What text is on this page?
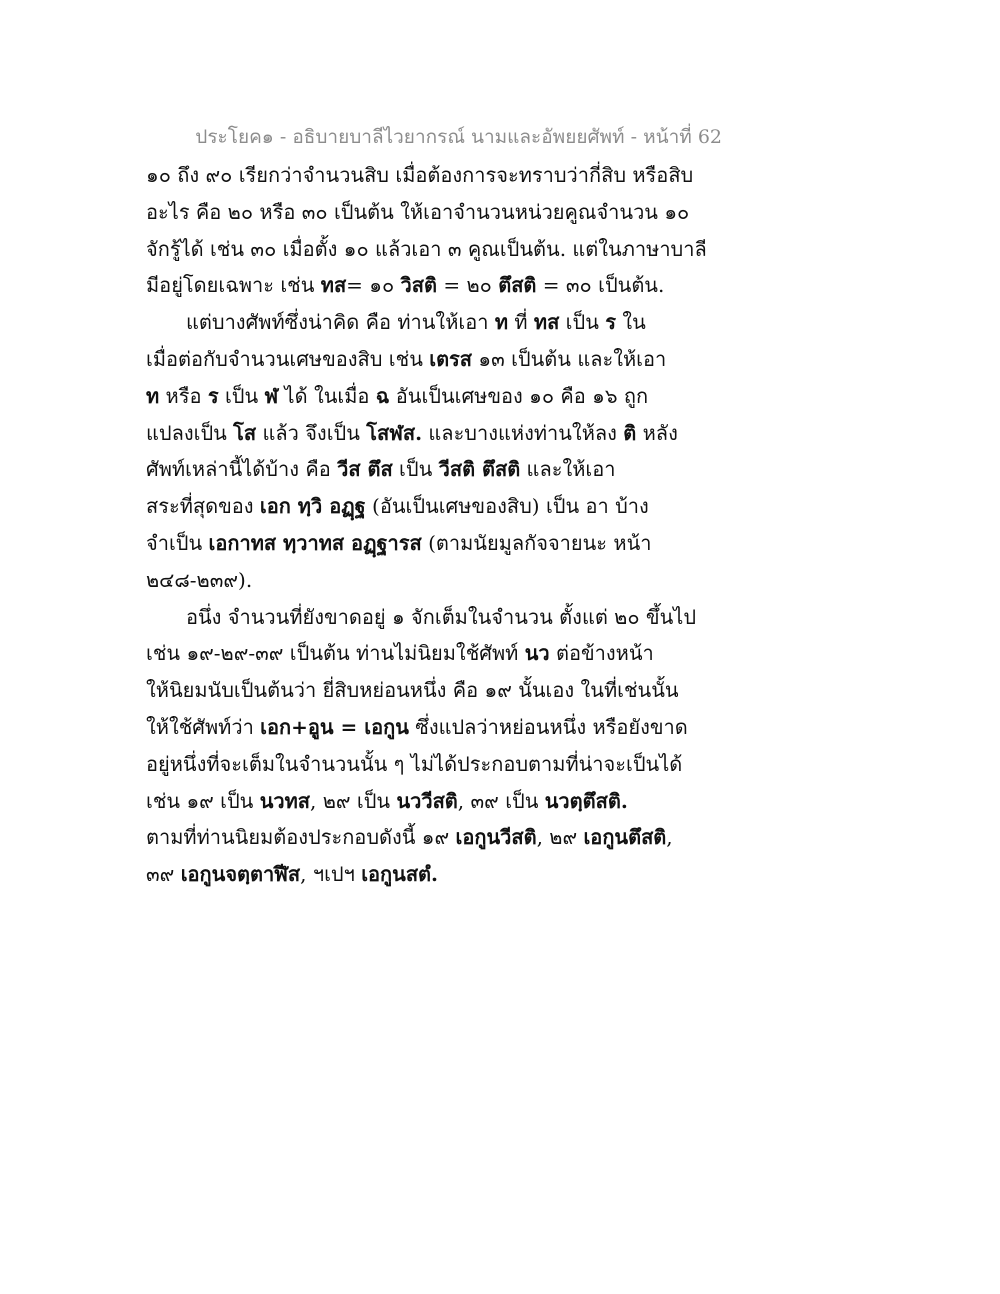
ประโยค๑ - อธิบายบาลีไวยากรณ์ นามและอัพยยศัพท์ - หน้าที่ 62
๑๐ ถึง ๙๐ เรียกว่าจำนวนสิบ เมื่อต้องการจะทราบว่ากี่สิบ หรือสิบ
อะไร คือ ๒๐ หรือ ๓๐ เป็นต้น ให้เอาจำนวนหน่วยคูณจำนวน ๑๐
จักรู้ได้ เช่น ๓๐ เมื่อตั้ง ๑๐ แล้วเอา ๓ คูณเป็นต้น. แต่ในภาษาบาลี
มีอยู่โดยเฉพาะ เช่น ทส= ๑๐ วิสติ = ๒๐ ตึสติ = ๓๐ เป็นต้น.
แต่บางศัพท์ซึ่งน่าคิด คือ ท่านให้เอา ท ที่ ทส เป็น ร ใน
เมื่อต่อกับจำนวนเศษของสิบ เช่น เตรส ๑๓ เป็นต้น และให้เอา
ท หรือ ร เป็น ฬ ได้ ในเมื่อ ฉ อันเป็นเศษของ ๑๐ คือ ๑๖ ถูก
แปลงเป็น โส แล้ว จึงเป็น โสฬส. และบางแห่งท่านให้ลง ติ หลัง
ศัพท์เหล่านี้ได้บ้าง คือ วีส ตึส เป็น วีสติ ตึสติ และให้เอา
สระที่สุดของ เอก ทฺวิ อฏฺฐ (อันเป็นเศษของสิบ) เป็น อา บ้าง
จำเป็น เอกาทส ทฺวาทส อฏฺฐารส (ตามนัยมูลกัจจายนะ หน้า
๒๔๘-๒๓๙).
อนึ่ง จำนวนที่ยังขาดอยู่ ๑ จักเต็มในจำนวน ตั้งแต่ ๒๐ ขึ้นไป
เช่น ๑๙-๒๙-๓๙ เป็นต้น ท่านไม่นิยมใช้ศัพท์ นว ต่อข้างหน้า
ให้นิยมนับเป็นต้นว่า ยี่สิบหย่อนหนึ่ง คือ ๑๙ นั้นเอง ในที่เช่นนั้น
ให้ใช้ศัพท์ว่า เอก+อูน = เอกูน ซึ่งแปลว่าหย่อนหนึ่ง หรือยังขาด
อยู่หนึ่งที่จะเต็มในจำนวนนั้น ๆ ไม่ได้ประกอบตามที่น่าจะเป็นได้
เช่น ๑๙ เป็น นวทส, ๒๙ เป็น นววีสติ, ๓๙ เป็น นวตฺตึสติ.
ตามที่ท่านนิยมต้องประกอบดังนี้ ๑๙ เอกูนวีสติ, ๒๙ เอกูนตึสติ,
๓๙ เอกูนจตฺตาฬีส, ฯเปฯ เอกูนสตํ.
